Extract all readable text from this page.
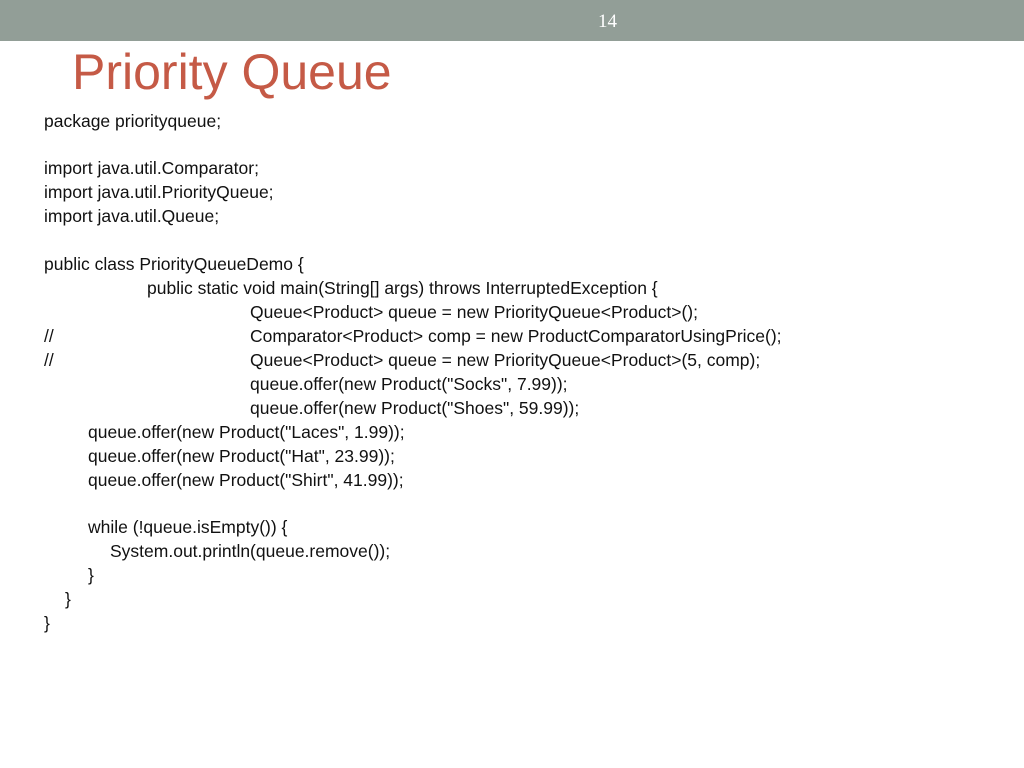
14
Priority Queue

package priorityqueue;

import java.util.Comparator;

import java.util.PriorityQueue;

import java.util.Queue;

public class PriorityQueueDemo {

public static void main(String[] args) throws InterruptedException {

Queue<Product> queue = new PriorityQueue<Product>();

//

	Comparator<Product> comp = new ProductComparatorUsingPrice();

//

	Queue<Product> queue = new PriorityQueue<Product>(5, comp);

queue.offer(new Product("Socks", 7.99));

queue.offer(new Product("Shoes", 59.99));

queue.offer(new Product("Laces", 1.99));

queue.offer(new Product("Hat", 23.99));

queue.offer(new Product("Shirt", 41.99));

while (!queue.isEmpty()) {

System.out.println(queue.remove());

}

}

}
